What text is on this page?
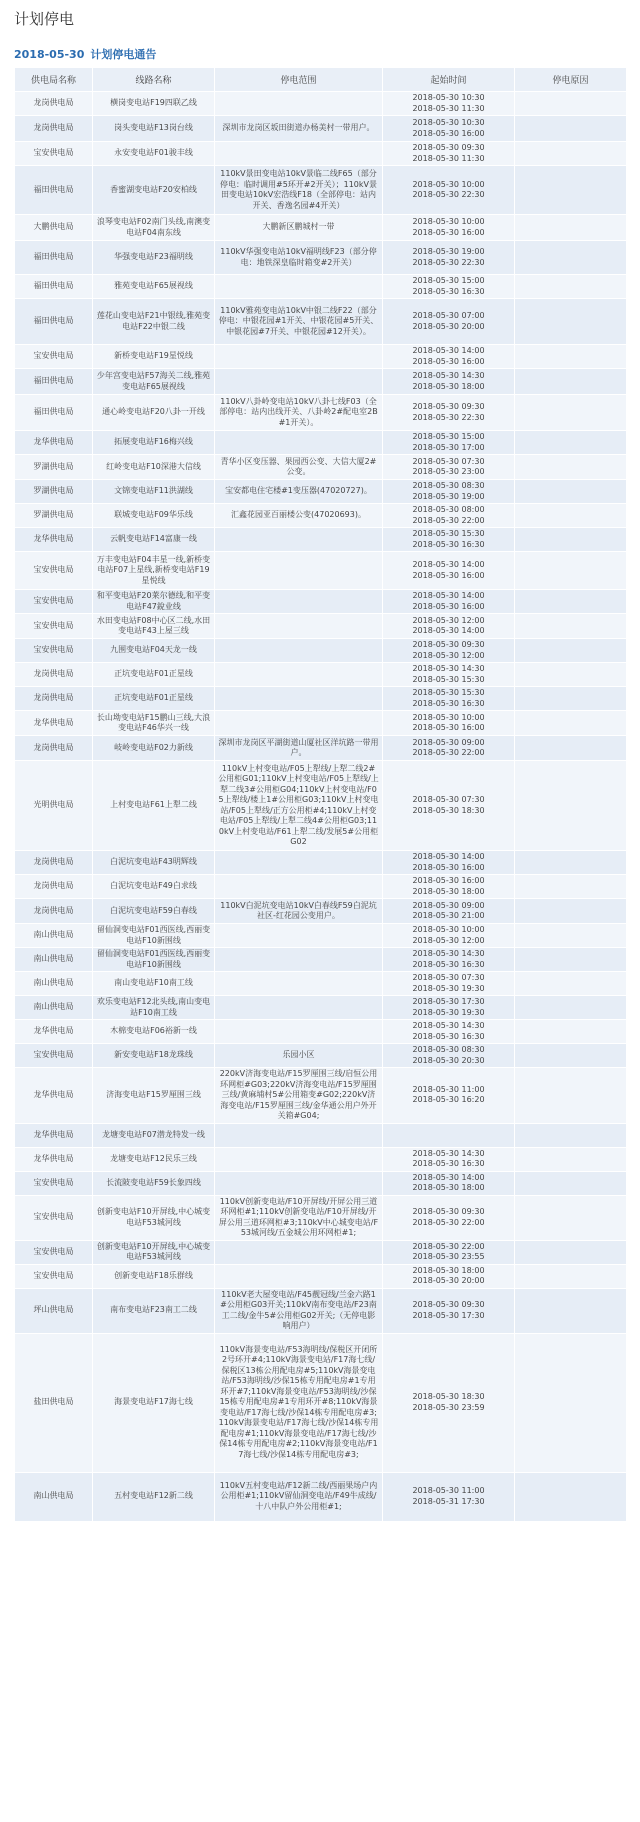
计划停电
2018-05-30 计划停电通告
供电局名称	线路名称	停电范围	起始时间	停电原因
龙岗供电局	横岗变电站F19四联乙线		2018-05-30 10:30
2018-05-30 11:30	
龙岗供电局	岗头变电站F13岗台线	深圳市龙岗区坂田街道办杨美村一带用户。	2018-05-30 10:30
2018-05-30 16:00	
宝安供电局	永安变电站F01骏丰线		2018-05-30 09:30
2018-05-30 11:30	
福田供电局	香蜜湖变电站F20安柏线	110kV景田变电站10kV景临二线F65（部分停电：临时调用#5环开#2开关）；110kV景田变电站10kV宏浩线F18（全部停电：站内开关、香逸名园#4开关）	2018-05-30 10:00
2018-05-30 22:30	
大鹏供电局	浪琴变电站F02南门头线,南澳变电站F04南东线	大鹏新区鹏城村一带	2018-05-30 10:00
2018-05-30 16:00	
福田供电局	华强变电站F23福明线	110kV华强变电站10kV福明线F23（部分停电：地铁深皇临时箱变#2开关）	2018-05-30 19:00
2018-05-30 22:30	
福田供电局	雅苑变电站F65展视线		2018-05-30 15:00
2018-05-30 16:30	
福田供电局	莲花山变电站F21中银线,雅苑变电站F22中银二线	110kV雅苑变电站10kV中银二线F22（部分停电：中银花园#1开关、中银花园#5开关、中银花园#7开关、中银花园#12开关）。	2018-05-30 07:00
2018-05-30 20:00	
宝安供电局	新桥变电站F19星悦线		2018-05-30 14:00
2018-05-30 16:00	
福田供电局	少年宫变电站F57海关二线,雅苑变电站F65展视线		2018-05-30 14:30
2018-05-30 18:00	
福田供电局	通心岭变电站F20八卦一开线	110kV八卦岭变电站10kV八卦七线F03（全部停电：站内出线开关、八卦岭2#配电室2B #1开关）。	2018-05-30 09:30
2018-05-30 22:30	
龙华供电局	拓展变电站F16梅兴线		2018-05-30 15:00
2018-05-30 17:00	
罗湖供电局	红岭变电站F10深港大信线	青华小区变压器、果园西公变、大信大厦2#公变。	2018-05-30 07:30
2018-05-30 23:00	
罗湖供电局	文锦变电站F11洪湖线	宝安都电住宅楼#1变压器(47020727)。	2018-05-30 08:30
2018-05-30 19:00	
罗湖供电局	联城变电站F09华乐线	汇鑫花园亚百丽楼公变(47020693)。	2018-05-30 08:00
2018-05-30 22:00	
龙华供电局	云帆变电站F14富康一线		2018-05-30 15:30
2018-05-30 16:30	
宝安供电局	万丰变电站F04丰星一线,新桥变电站F07上星线,新桥变电站F19星悦线		2018-05-30 14:00
2018-05-30 16:00	
宝安供电局	和平变电站F20莱尔德线,和平变电站F47銳业线		2018-05-30 14:00
2018-05-30 16:00	
宝安供电局	水田变电站F08中心区二线,水田变电站F43上屋三线		2018-05-30 12:00
2018-05-30 14:00	
宝安供电局	九围变电站F04天龙一线		2018-05-30 09:30
2018-05-30 12:00	
龙岗供电局	正坑变电站F01正星线		2018-05-30 14:30
2018-05-30 15:30	
龙岗供电局	正坑变电站F01正星线		2018-05-30 15:30
2018-05-30 16:30	
龙华供电局	长山坳变电站F15鹏山三线,大浪变电站F46华兴一线		2018-05-30 10:00
2018-05-30 16:00	
龙岗供电局	岐岭变电站F02力新线	深圳市龙岗区平湖街道山厦社区洋坑路一带用户。	2018-05-30 09:00
2018-05-30 22:00	
光明供电局	上村变电站F61上犁二线	110kV上村变电站/F05上犁线/上犁二线2#公用柜G01;110kV上村变电站/F05上犁线/上犁二线3#公用柜G04;110kV上村变电站/F05上犁线/楼上1#公用柜G03;110kV上村变电站/F05上犁线/正方公用柜#4;110kV上村变电站/F05上犁线/上犁二线4#公用柜G03;110kV上村变电站/F61上犁二线/发展5#公用柜G02	2018-05-30 07:30
2018-05-30 18:30	
龙岗供电局	白泥坑变电站F43明辉线		2018-05-30 14:00
2018-05-30 16:00	
龙岗供电局	白泥坑变电站F49白求线		2018-05-30 16:00
2018-05-30 18:00	
龙岗供电局	白泥坑变电站F59白春线	110kV白泥坑变电站10kV白春线F59白泥坑社区-红花园公变用户。	2018-05-30 09:00
2018-05-30 21:00	
南山供电局	留仙洞变电站F01西医线,西丽变电站F10新围线		2018-05-30 10:00
2018-05-30 12:00	
南山供电局	留仙洞变电站F01西医线,西丽变电站F10新围线		2018-05-30 14:30
2018-05-30 16:30	
南山供电局	南山变电站F10南工线		2018-05-30 07:30
2018-05-30 19:30	
南山供电局	欢乐变电站F12北头线,南山变电站F10南工线		2018-05-30 17:30
2018-05-30 19:30	
龙华供电局	木棉变电站F06裕新一线		2018-05-30 14:30
2018-05-30 16:30	
宝安供电局	新安变电站F18龙珠线	乐园小区	2018-05-30 08:30
2018-05-30 20:30	
龙华供电局	济海变电站F15罗厘围三线	220kV济海变电站/F15罗厘围三线/启恒公用环网柜#G03;220kV济海变电站/F15罗厘围三线/黄麻埔村5#公用箱变#G02;220kV济海变电站/F15罗厘围三线/金华通公用户外开关箱#G04;	2018-05-30 11:00
2018-05-30 16:20	
龙华供电局	龙塘变电站F07潜龙特发一线			
龙华供电局	龙塘变电站F12民乐三线		2018-05-30 14:30
2018-05-30 16:30	
宝安供电局	长流陂变电站F59长象四线		2018-05-30 14:00
2018-05-30 18:00	
宝安供电局	创新变电站F10开屏线,中心城变电站F53城河线	110kV创新变电站/F10开屏线/开屏公用三道环网柜#1;110kV创新变电站/F10开屏线/开屏公用三道环网柜#3;110kV中心城变电站/F53城河线/五金城公用环网柜#1;	2018-05-30 09:30
2018-05-30 22:00	
宝安供电局	创新变电站F10开屏线,中心城变电站F53城河线		2018-05-30 22:00
2018-05-30 23:55	
宝安供电局	创新变电站F18乐群线		2018-05-30 18:00
2018-05-30 20:00	
坪山供电局	南布变电站F23南工二线	110kV老大屋变电站/F45靓冠线/兰金六路1#公用柜G03开关;110kV南布变电站/F23南工二线/金牛5#公用柜G02开关;（无停电影响用户）	2018-05-30 09:30
2018-05-30 17:30	
盐田供电局	海景变电站F17海七线	110kV海景变电站/F53海明线/保税区开闭所2号环开#4;110kV海景变电站/F17海七线/保税区13栋公用配电房#5;110kV海景变电站/F53海明线/沙保15栋专用配电房#1专用环开#7;110kV海景变电站/F53海明线/沙保15栋专用配电房#1专用环开#8;110kV海景变电站/F17海七线/沙保14栋专用配电房#3;110kV海景变电站/F17海七线/沙保14栋专用配电房#1;110kV海景变电站/F17海七线/沙保14栋专用配电房#2;110kV海景变电站/F17海七线/沙保14栋专用配电房#3;	2018-05-30 18:30
2018-05-30 23:59	
南山供电局	五村变电站F12新二线	110kV五村变电站/F12新二线/西丽果场户内公用柜#1;110kV留仙洞变电站/F49牛成线/十八中队户外公用柜#1;	2018-05-30 11:00
2018-05-31 17:30	
